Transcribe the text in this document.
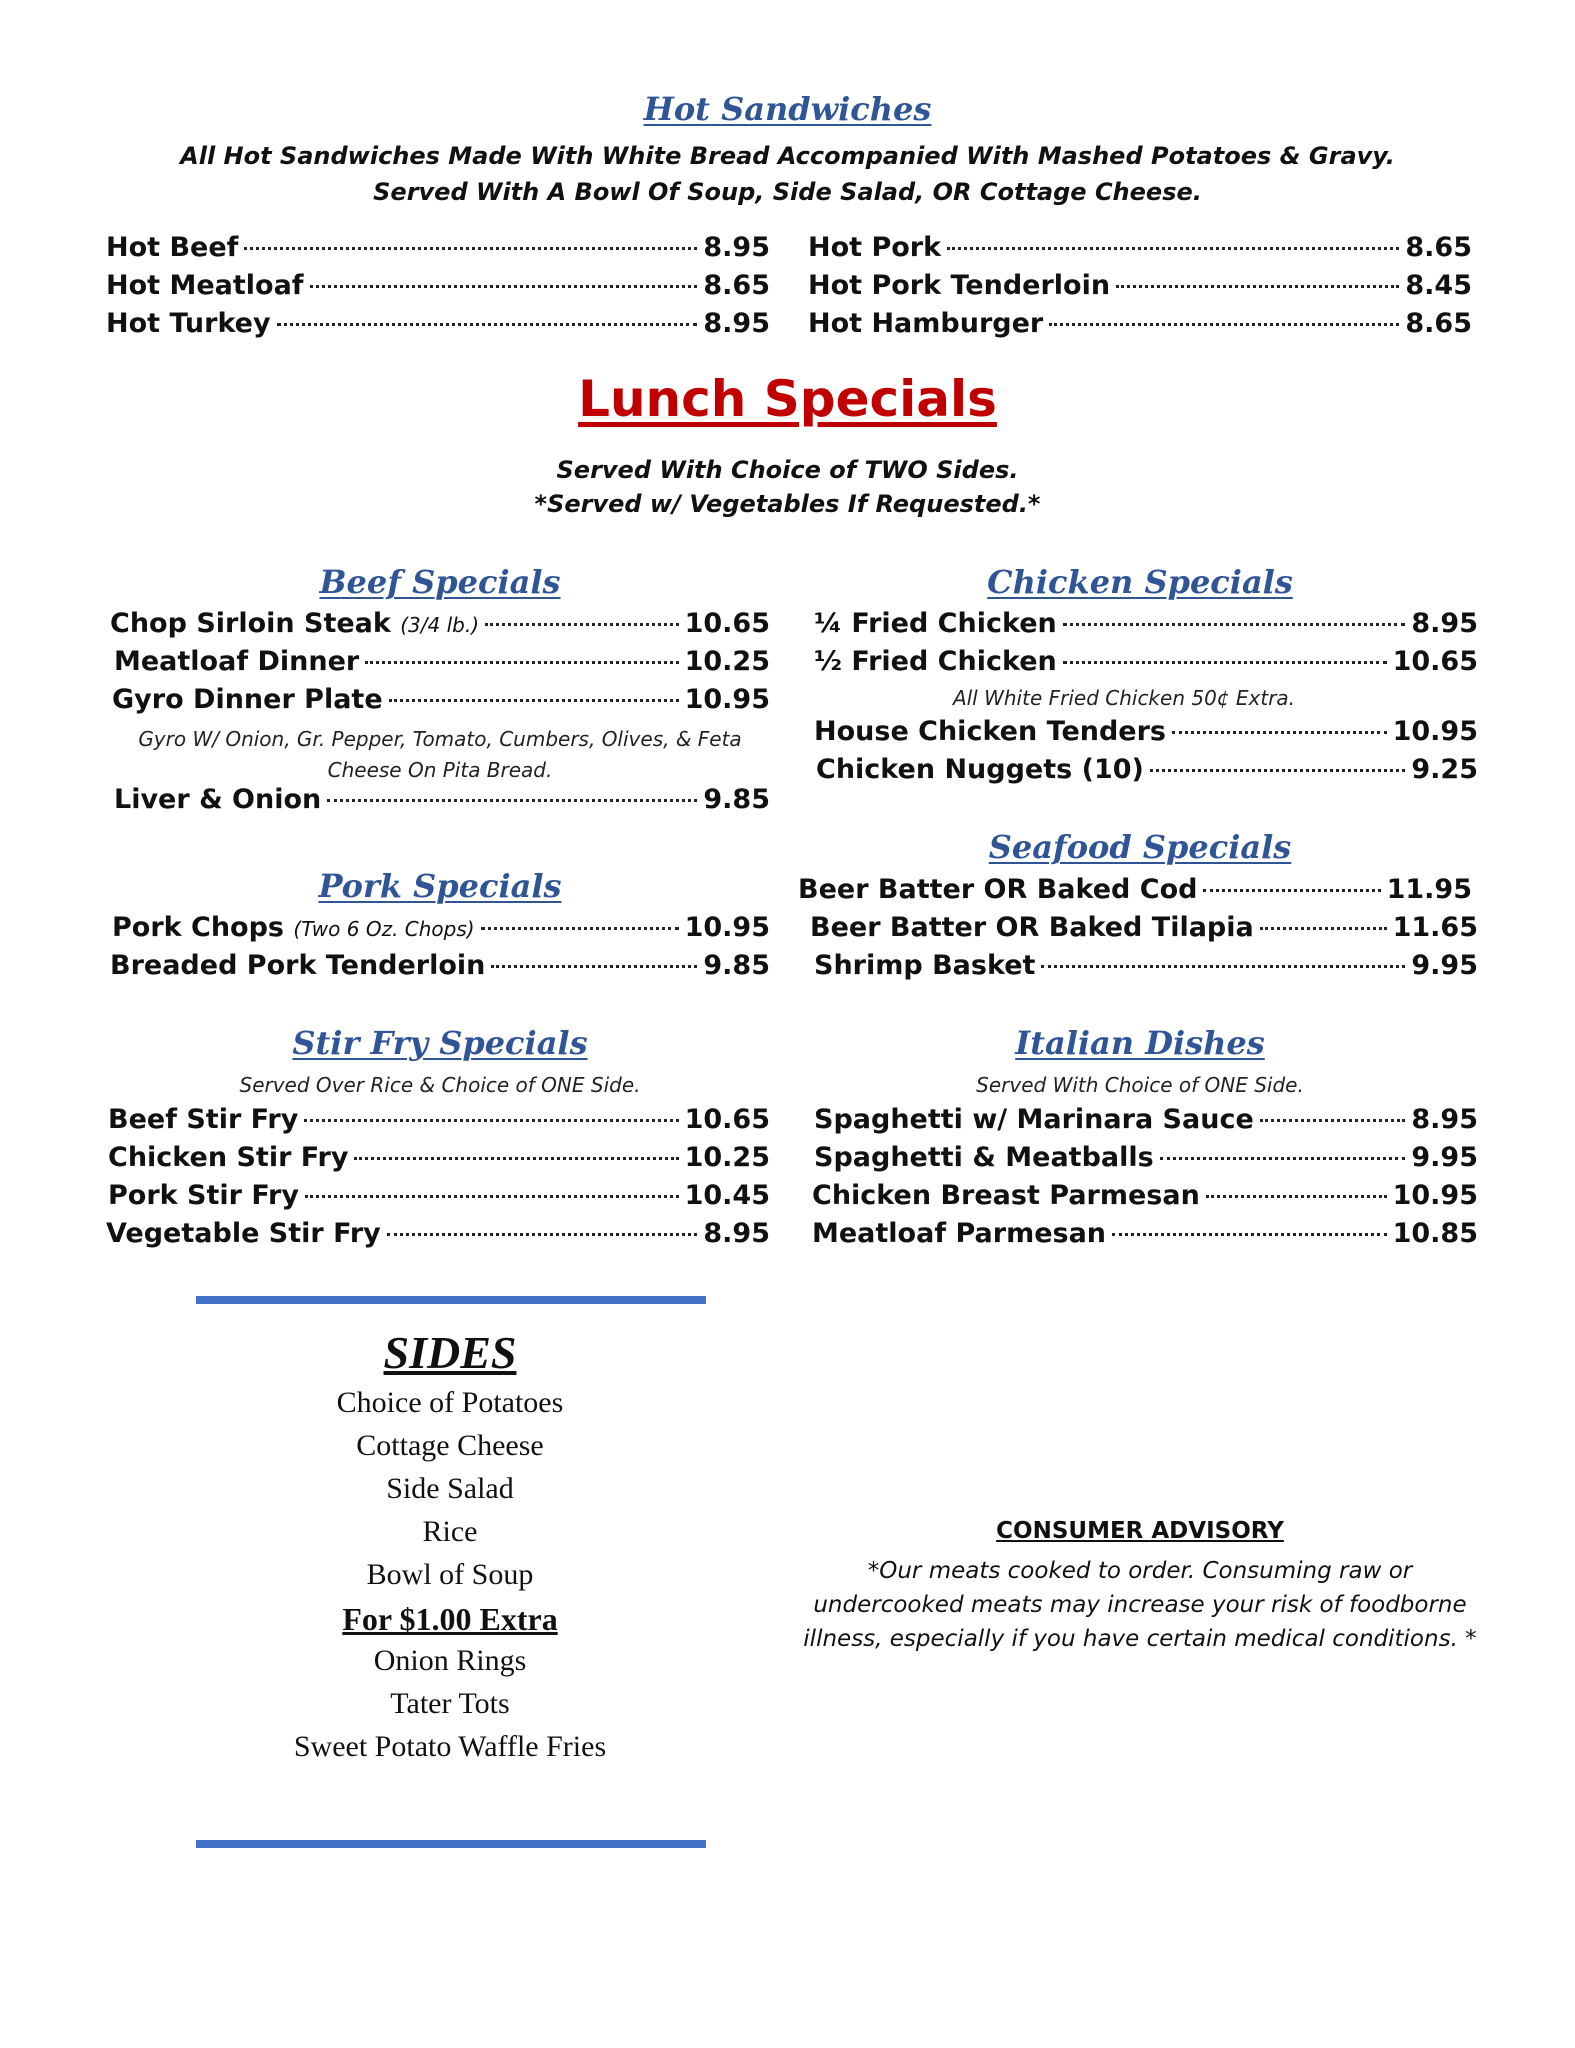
Hot Sandwiches
All Hot Sandwiches Made With White Bread Accompanied With Mashed Potatoes & Gravy.
Served With A Bowl Of Soup, Side Salad, OR Cottage Cheese.
Hot Beef	8.95
Hot Meatloaf	8.65
Hot Turkey	8.95
Hot Pork	8.65
Hot Pork Tenderloin	8.45
Hot Hamburger	8.65
Lunch Specials
Served With Choice of TWO Sides.
*Served w/ Vegetables If Requested.*
Beef Specials
Chop Sirloin Steak (3/4 lb.)	10.65
Meatloaf Dinner	10.25
Gyro Dinner Plate	10.95
Gyro W/ Onion, Gr. Pepper, Tomato, Cumbers, Olives, & Feta Cheese On Pita Bread.
Liver & Onion	9.85
Chicken Specials
¼ Fried Chicken	8.95
½ Fried Chicken	10.65
All White Fried Chicken 50¢ Extra.
House Chicken Tenders	10.95
Chicken Nuggets (10)	9.25
Pork Specials
Pork Chops (Two 6 Oz. Chops)	10.95
Breaded Pork Tenderloin	9.85
Seafood Specials
Beer Batter OR Baked Cod	11.95
Beer Batter OR Baked Tilapia	11.65
Shrimp Basket	9.95
Stir Fry Specials
Served Over Rice & Choice of ONE Side.
Beef Stir Fry	10.65
Chicken Stir Fry	10.25
Pork Stir Fry	10.45
Vegetable Stir Fry	8.95
Italian Dishes
Served With Choice of ONE Side.
Spaghetti w/ Marinara Sauce	8.95
Spaghetti & Meatballs	9.95
Chicken Breast Parmesan	10.95
Meatloaf Parmesan	10.85
SIDES
Choice of Potatoes
Cottage Cheese
Side Salad
Rice
Bowl of Soup
For $1.00 Extra
Onion Rings
Tater Tots
Sweet Potato Waffle Fries
CONSUMER ADVISORY
*Our meats cooked to order. Consuming raw or undercooked meats may increase your risk of foodborne illness, especially if you have certain medical conditions. *
